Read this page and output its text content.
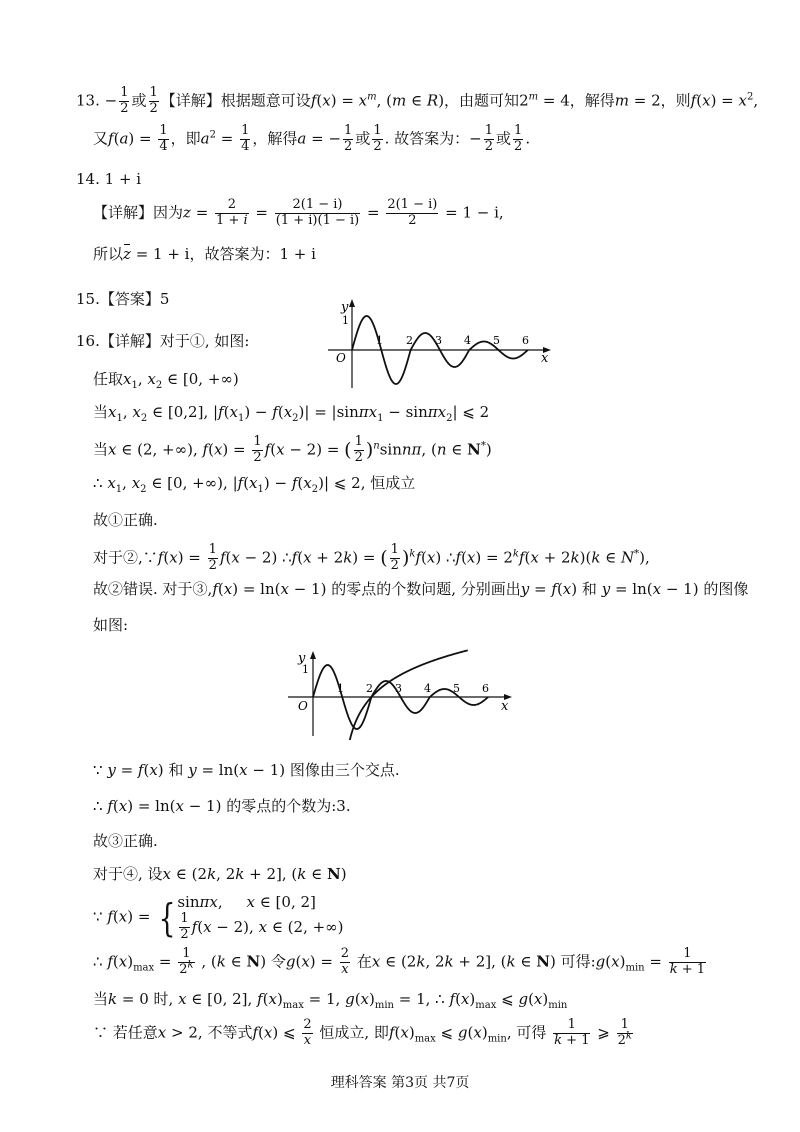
13. − $\frac{1}{2}$ 或 $\frac{1}{2}$ 【详解】根据题意可设$f(x) = x^m$, (m ∈ R)，由题可知$2^m = 4$，解得m = 2，则$f(x) = x^2$,
又$f(a) = \frac{1}{4}$ ，即$a^2 = \frac{1}{4}$ ，解得a = − $\frac{1}{2}$ 或 $\frac{1}{2}$ . 故答案为：− $\frac{1}{2}$ 或 $\frac{1}{2}$ .
14. 1 + i
【详解】因为$z = \frac{2}{1 + i} = \frac{2(1 - i)}{(1 + i)(1 - i)} = \frac{2(1 - i)}{2} = 1 - i$,
所以z = 1 + i，故答案为：1 + i
15.【答案】5
16.【详解】对于①, 如图:
y
x
O
1
1 2 3 4 5 6
任取$x_1$, $x_2$ ∈ [0, +∞)
当$x_1$, $x_2$ ∈ [0,2], $|f(x_1) - f(x_2)| = |\sin\pi x_1 - \sin\pi x_2|$ ⩽ 2
当x ∈ (2, +∞), $f(x) = \frac{1}{2} f(x - 2)$ = ( $\frac{1}{2} )^n\sin n\pi$, (n ∈ N*)
∴ $x_1$, $x_2$ ∈ [0, +∞), $|f(x_1) - f(x_2)|$ ⩽ 2, 恒成立
故①正确.
对于②,∵f(x) = $\frac{1}{2} f(x - 2)$ ∴f(x + 2k) = ( $\frac{1}{2} )^kf(x)$ ∴f(x) = $2^kf(x + 2k)(k$ ∈ N*),
故②错误. 对于③,f(x) = ln(x − 1) 的零点的个数问题, 分别画出y = f(x) 和 y = ln(x − 1) 的图像
如图:
y
x
O
1
1 2 3 4 5 6
∵ y = f(x) 和 y = ln(x − 1) 图像由三个交点.
∴ f(x) = ln(x − 1) 的零点的个数为:3.
故③正确.
对于④, 设x ∈ (2k, 2k + 2], (k ∈ N)
∵ f(x) = { sinπx,     x ∈ [0, 2]

$\frac{1}{2} f(x - 2)$, x ∈ (2, +∞)
∴ $f(x)_{max} = \frac{1}{2^k}$ , (k ∈ N) 令$g(x) = \frac{2}{x}$ 在x ∈ (2k, 2k + 2], (k ∈ N) 可得$:g(x)_{min} = \frac{1}{k + 1}$
当k = 0 时, x ∈ [0, 2], $f(x)_{max} = 1$, $g(x)_{min} = 1$, ∴ $f(x)_{max}$ ⩽ $g(x)_{min}$
∵ 若任意x > 2, 不等式f(x) ⩽ $\frac{2}{x}$ 恒成立, 即$f(x)_{max}$ ⩽ $g(x)_{min}$, 可得 $\frac{1}{k + 1}$ ⩾ $\frac{1}{2^k}$
理科答案 第3页 共7页
